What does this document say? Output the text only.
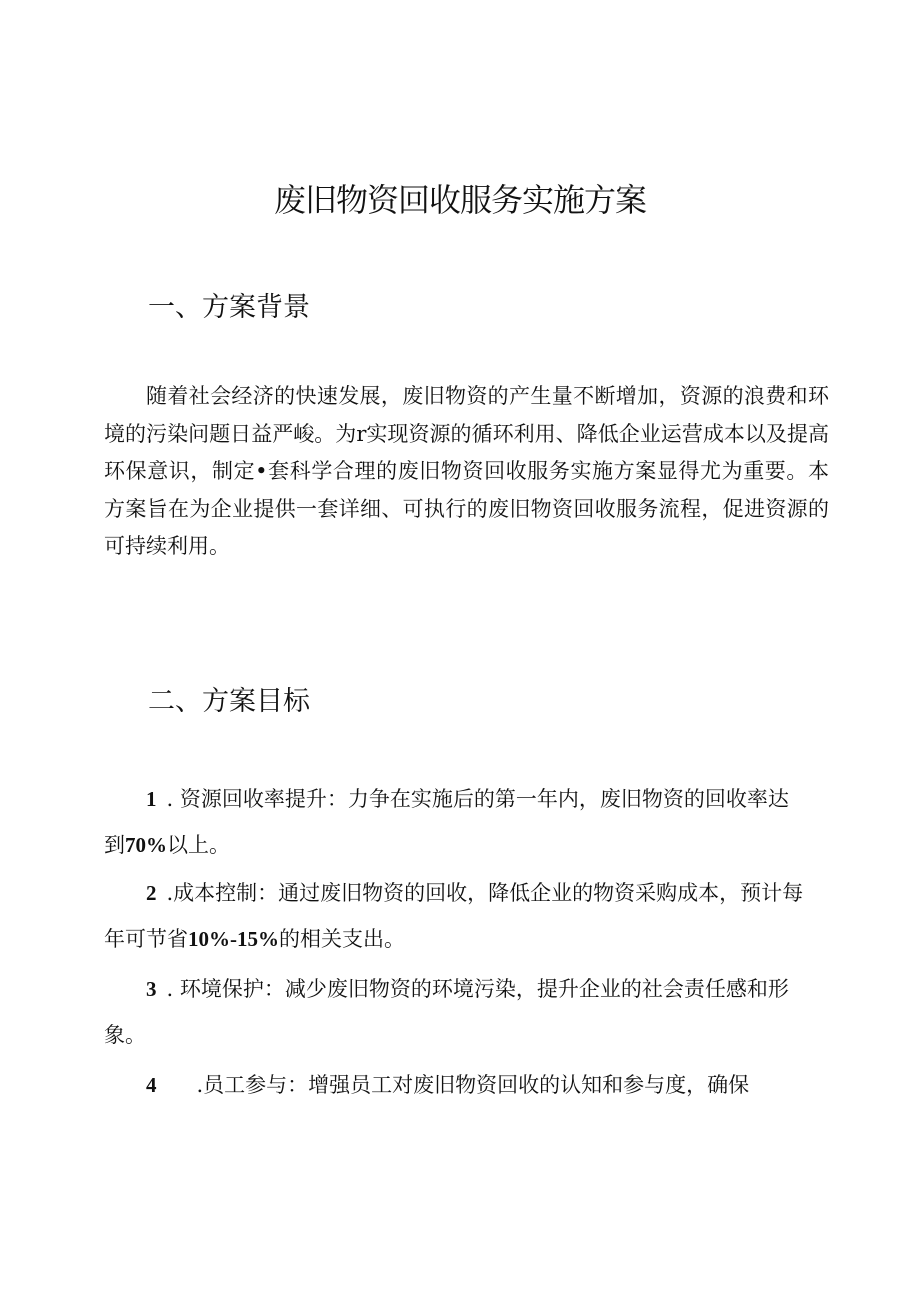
废旧物资回收服务实施方案
一、方案背景

随着社会经济的快速发展，废旧物资的产生量不断增加，资源的浪费和环境的污染问题日益严峻。为r实现资源的循环利用、降低企业运营成本以及提高环保意识，制定•套科学合理的废旧物资回收服务实施方案显得尤为重要。本方案旨在为企业提供一套详细、可执行的废旧物资回收服务流程，促进资源的可持续利用。

二、方案目标

1 . 资源回收率提升：力争在实施后的第一年内，废旧物资的回收率达到70%以上。

2 .成本控制：通过废旧物资的回收，降低企业的物资采购成本，预计每年可节省10%-15%的相关支出。

3 . 环境保护：减少废旧物资的环境污染，提升企业的社会责任感和形象。

4 .员工参与：增强员工对废旧物资回收的认知和参与度，确保
